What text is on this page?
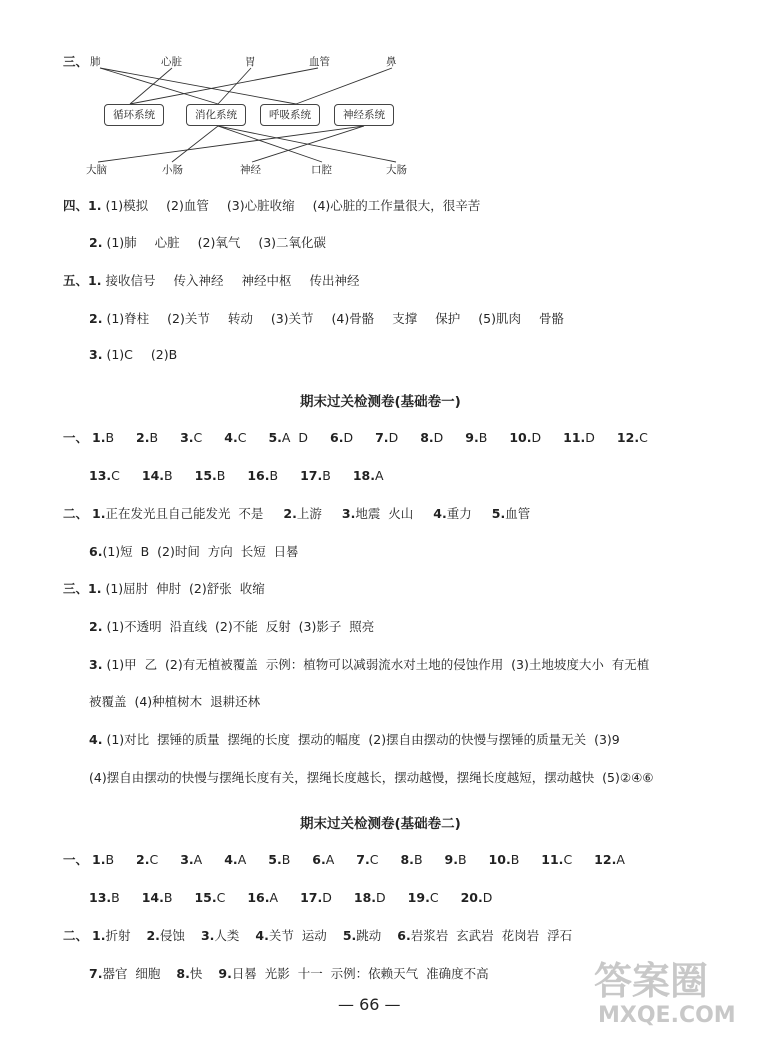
三、 肺	心脏	胃	血管	鼻
循环系统	消化系统	呼吸系统	神经系统
大脑	小肠	神经	口腔	大肠
四、1. (1)模拟 (2)血管 (3)心脏收缩 (4)心脏的工作量很大，很辛苦
2. (1)肺 心脏 (2)氧气 (3)二氧化碳
五、1. 接收信号 传入神经 神经中枢 传出神经
2. (1)脊柱 (2)关节 转动 (3)关节 (4)骨骼 支撑 保护 (5)肌肉 骨骼
3. (1)C (2)B
期末过关检测卷(基础卷一)
一、 1.B 2.B 3.C 4.C 5.A  D 6.D 7.D 8.D 9.B 10.D 11.D 12.C
13.C 14.B 15.B 16.B 17.B 18.A
二、 1.正在发光且自己能发光  不是 2.上游 3.地震  火山 4.重力 5.血管
6.(1)短  B  (2)时间  方向  长短  日晷
三、1. (1)屈肘  伸肘  (2)舒张  收缩
2. (1)不透明  沿直线  (2)不能  反射  (3)影子  照亮
3. (1)甲  乙  (2)有无植被覆盖  示例：植物可以减弱流水对土地的侵蚀作用  (3)土地坡度大小  有无植
被覆盖  (4)种植树木  退耕还林
4. (1)对比  摆锤的质量  摆绳的长度  摆动的幅度  (2)摆自由摆动的快慢与摆锤的质量无关  (3)9
(4)摆自由摆动的快慢与摆绳长度有关，摆绳长度越长，摆动越慢，摆绳长度越短，摆动越快  (5)②④⑥
期末过关检测卷(基础卷二)
一、 1.B 2.C 3.A 4.A 5.B 6.A 7.C 8.B 9.B 10.B 11.C 12.A
13.B 14.B 15.C 16.A 17.D 18.D 19.C 20.D
二、 1.折射 2.侵蚀 3.人类 4.关节  运动 5.跳动 6.岩浆岩  玄武岩  花岗岩  浮石
7.器官  细胞 8.快 9.日晷  光影  十一  示例：依赖天气  准确度不高
— 66 —
答案圈
MXQE.COM
